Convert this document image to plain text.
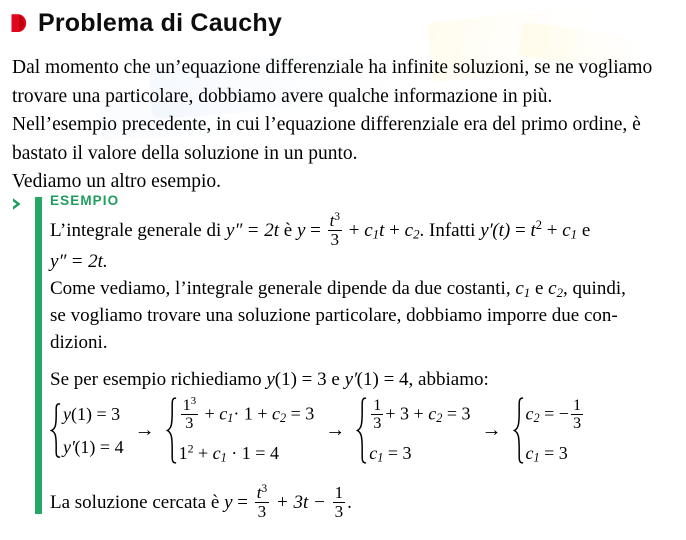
Problema di Cauchy

Dal momento che un’equazione differenziale ha infinite soluzioni, se ne vogliamo

trovare una particolare, dobbiamo avere qualche informazione in più.

Nell’esempio precedente, in cui l’equazione differenziale era del primo ordine, è

bastato il valore della soluzione in un punto.

Vediamo un altro esempio.

ESEMPIO

L’integrale generale di y″ = 2t è $y = \frac{t^3}{3} + c_1t + c_2$. Infatti $y'(t) = t^2 + c_1$ e

y″ = 2t.

Come vediamo, l’integrale generale dipende da due costanti, $c_1$ e $c_2$, quindi,

se vogliamo trovare una soluzione particolare, dobbiamo imporre due con-

dizioni.

Se per esempio richiediamo y(1) = 3 e y′(1) = 4, abbiamo:

y(1) = 3
y′(1) = 4
→	$\frac{1^3}{3} + c_1\cdot 1 + c_2 = 3$
$1^2 + c_1 \cdot 1 = 4$
→	$\frac{1}{3} + 3 + c_2 = 3$
$c_1 = 3$
→
$c_2$ = − $\frac{1}{3}$
$c_1 = 3$

La soluzione cercata è $y = \frac{t^3}{3} + 3t - \frac{1}{3}$ .
